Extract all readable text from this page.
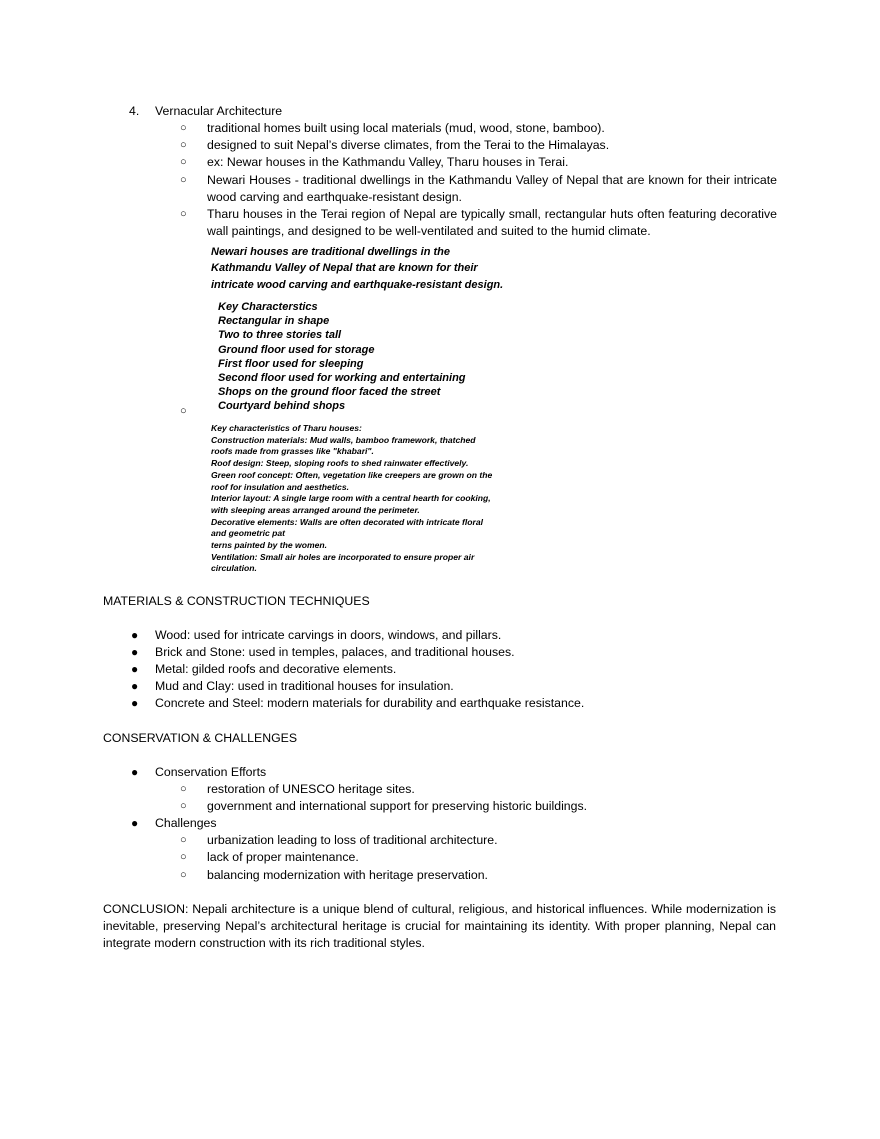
4. Vernacular Architecture
○ traditional homes built using local materials (mud, wood, stone, bamboo).
○ designed to suit Nepal’s diverse climates, from the Terai to the Himalayas.
○ ex: Newar houses in the Kathmandu Valley, Tharu houses in Terai.
○ Newari Houses - traditional dwellings in the Kathmandu Valley of Nepal that are known for their intricate wood carving and earthquake-resistant design.
○ Tharu houses in the Terai region of Nepal are typically small, rectangular huts often featuring decorative wall paintings, and designed to be well-ventilated and suited to the humid climate.
Newari houses are traditional dwellings in the
Kathmandu Valley of Nepal that are known for their
intricate wood carving and earthquake-resistant design.
Key Characterstics
Rectangular in shape
Two to three stories tall
Ground floor used for storage
First floor used for sleeping
Second floor used for working and entertaining
Shops on the ground floor faced the street
Courtyard behind shops
○
Key characteristics of Tharu houses:
Construction materials: Mud walls, bamboo framework, thatched
roofs made from grasses like "khabari".
Roof design: Steep, sloping roofs to shed rainwater effectively.
Green roof concept: Often, vegetation like creepers are grown on the
roof for insulation and aesthetics.
Interior layout: A single large room with a central hearth for cooking,
with sleeping areas arranged around the perimeter.
Decorative elements: Walls are often decorated with intricate floral
and geometric pat
terns painted by the women.
Ventilation: Small air holes are incorporated to ensure proper air
circulation.
MATERIALS & CONSTRUCTION TECHNIQUES
● Wood: used for intricate carvings in doors, windows, and pillars.
● Brick and Stone: used in temples, palaces, and traditional houses.
● Metal: gilded roofs and decorative elements.
● Mud and Clay: used in traditional houses for insulation.
● Concrete and Steel: modern materials for durability and earthquake resistance.
CONSERVATION & CHALLENGES
● Conservation Efforts
○ restoration of UNESCO heritage sites.
○ government and international support for preserving historic buildings.
● Challenges
○ urbanization leading to loss of traditional architecture.
○ lack of proper maintenance.
○ balancing modernization with heritage preservation.
CONCLUSION: Nepali architecture is a unique blend of cultural, religious, and historical influences. While modernization is inevitable, preserving Nepal’s architectural heritage is crucial for maintaining its identity. With proper planning, Nepal can integrate modern construction with its rich traditional styles.
